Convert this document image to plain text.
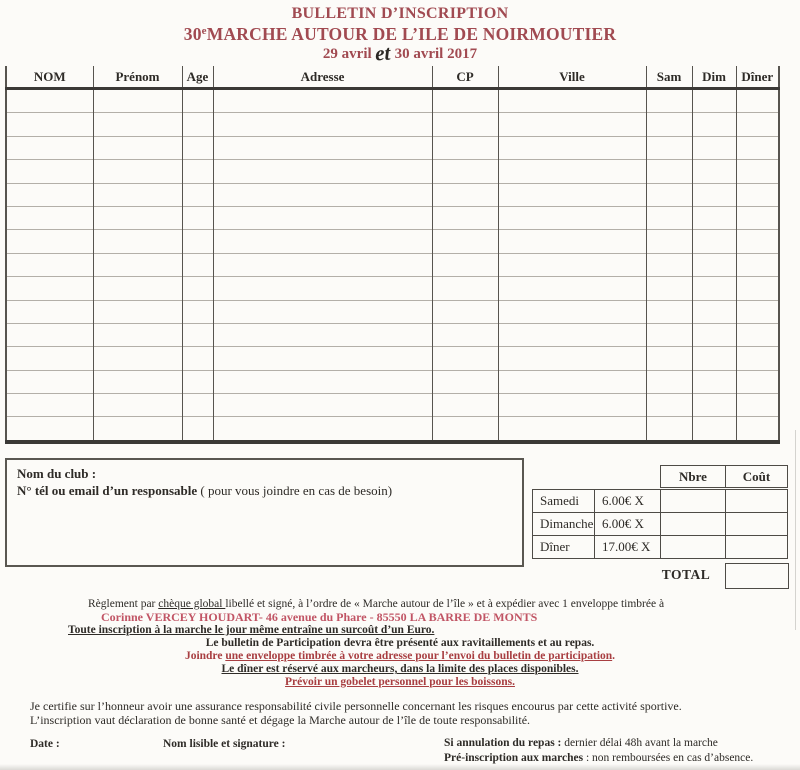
BULLETIN D’INSCRIPTION
30eMARCHE AUTOUR DE L’ILE DE NOIRMOUTIER
29 avril et 30 avril 2017
NOM	Prénom	Age	Adresse	CP	Ville	Sam	Dim	Dîner

Nom du club :
N° tél ou email d’un responsable ( pour vous joindre en cas de besoin)
Nbre	Coût
Samedi	6.00€ X		
Dimanche	6.00€ X		
Dîner	17.00€ X		
TOTAL
Règlement par chèque global libellé et signé, à l’ordre de « Marche autour de l’île » et à expédier avec 1 enveloppe timbrée à
Corinne VERCEY HOUDART- 46 avenue du Phare - 85550 LA BARRE DE MONTS
Toute inscription à la marche le jour même entraîne un surcoût d’un Euro.
Le bulletin de Participation devra être présenté aux ravitaillements et au repas.
Joindre une enveloppe timbrée à votre adresse pour l’envoi du bulletin de participation.
Le dîner est réservé aux marcheurs, dans la limite des places disponibles.
Prévoir un gobelet personnel pour les boissons.
Je certifie sur l’honneur avoir une assurance responsabilité civile personnelle concernant les risques encourus par cette activité sportive.
L’inscription vaut déclaration de bonne santé et dégage la Marche autour de l’île de toute responsabilité.
Date :	Nom lisible et signature :	Si annulation du repas : dernier délai 48h avant la marche
Pré-inscription aux marches : non remboursées en cas d’absence.
